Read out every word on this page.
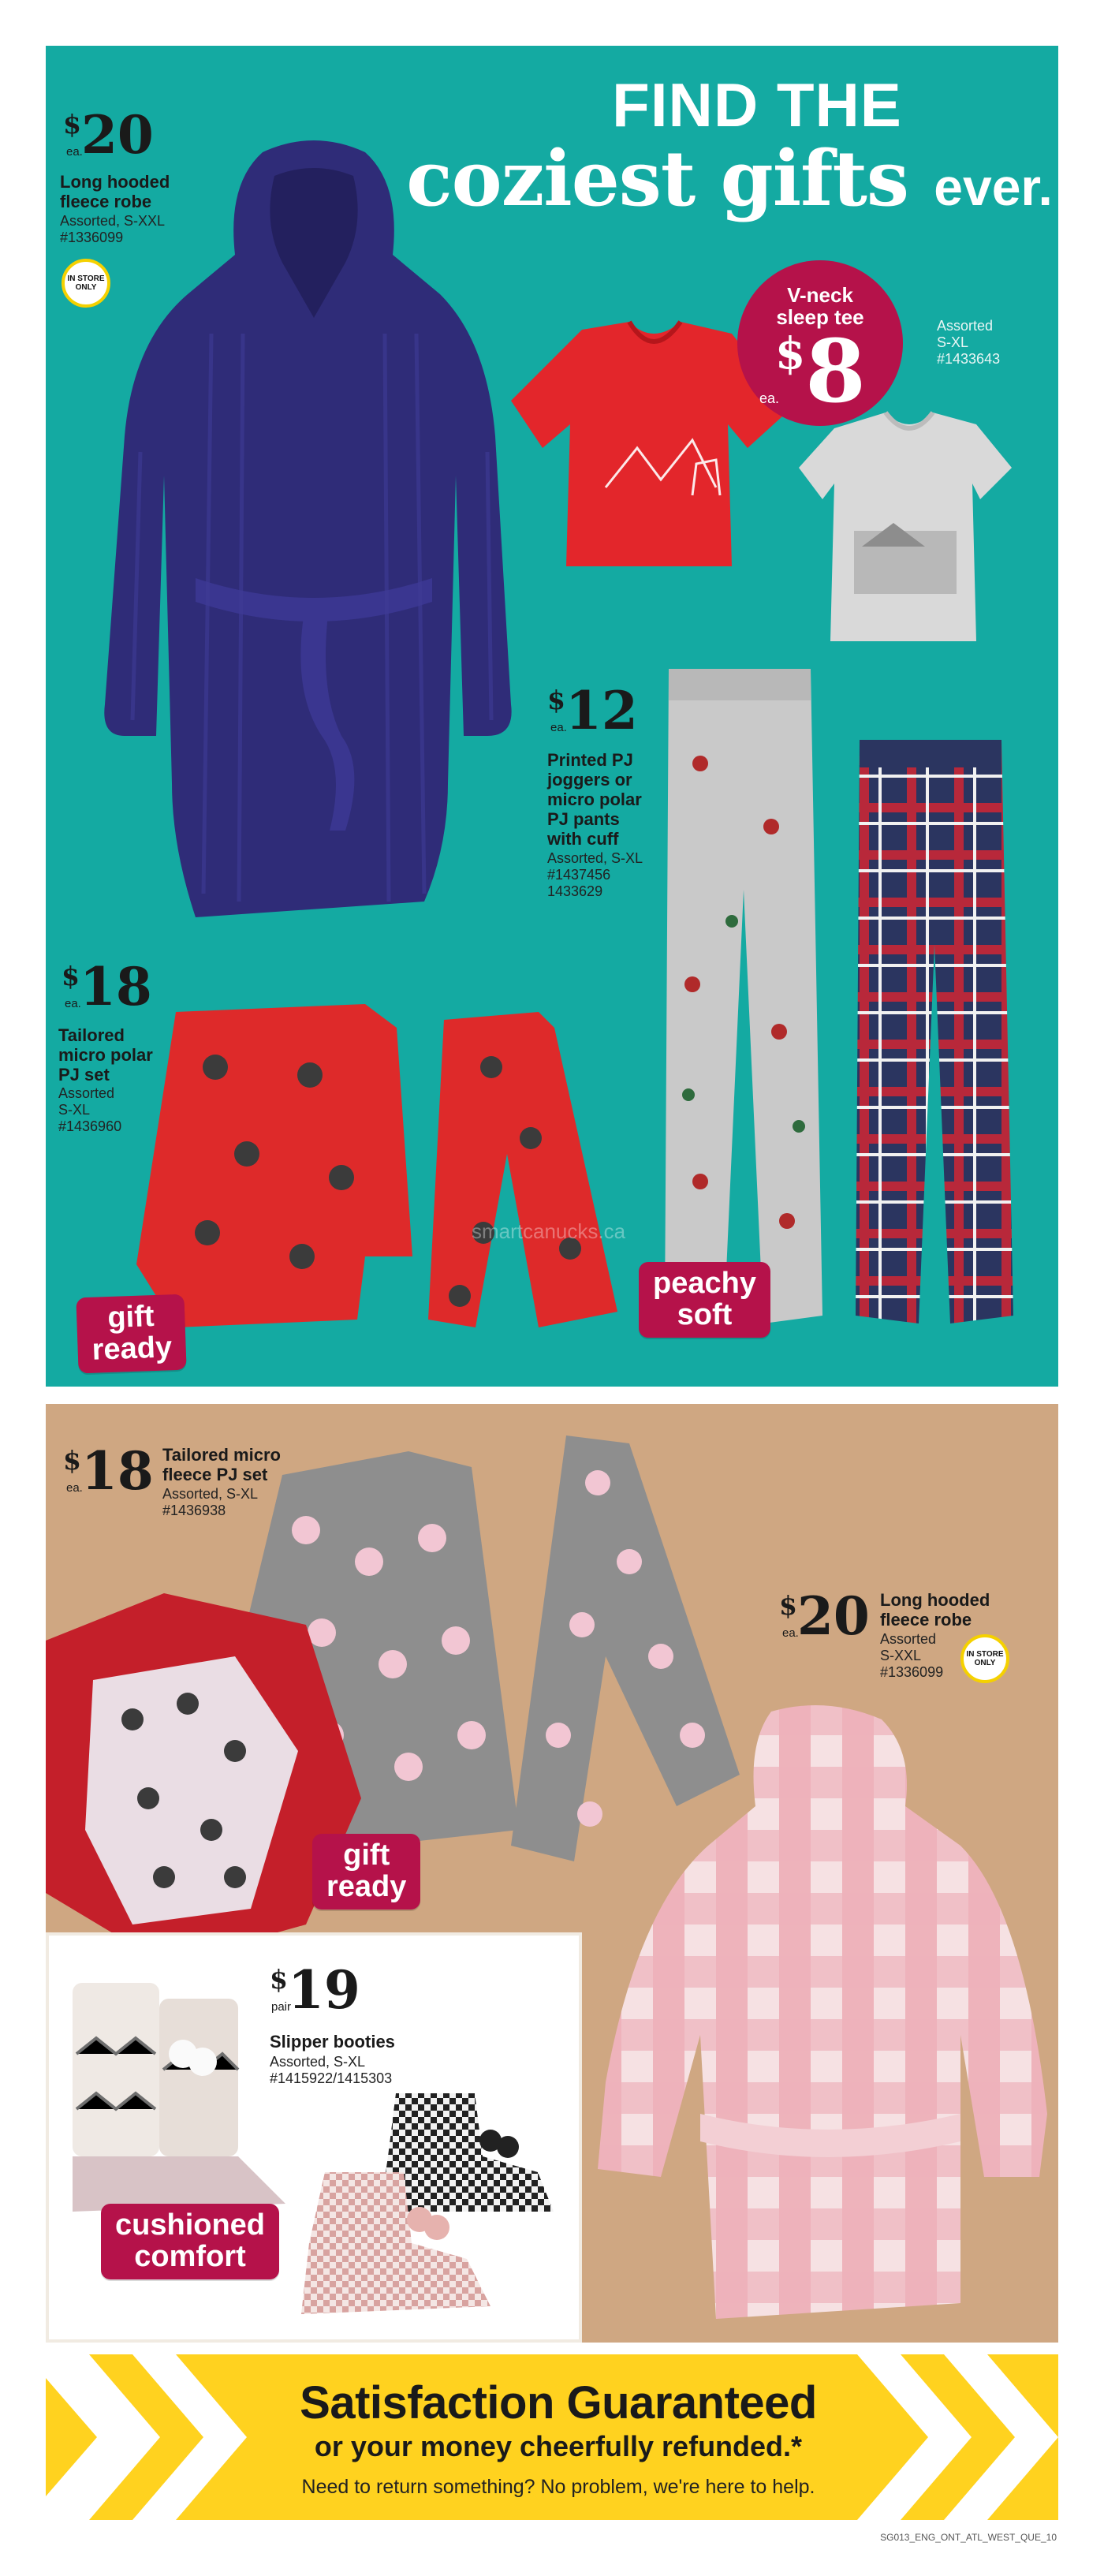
$ 20
ea.
Long hooded
fleece robe
Assorted, S-XXL
#1336099
IN STORE ONLY
FIND THE
coziest gifts ever.
V-neck
sleep tee
$ 8
ea.
Assorted
S-XL
#1433643
$ 12
ea.
Printed PJ
joggers or
micro polar
PJ pants
with cuff
Assorted, S-XL
#1437456
1433629
$ 18
ea.
Tailored
micro polar
PJ set
Assorted
S-XL
#1436960
gift
ready
peachy
soft
smartcanucks.ca
$ 18
ea.
Tailored micro
fleece PJ set
Assorted, S-XL
#1436938
gift
ready
$ 20
ea.
Long hooded
fleece robe
Assorted
S-XXL
#1336099
IN STORE ONLY
$ 19
pair
Slipper booties
Assorted, S-XL
#1415922/1415303
cushioned
comfort
Satisfaction Guaranteed
or your money cheerfully refunded.*
Need to return something? No problem, we're here to help.
SG013_ENG_ONT_ATL_WEST_QUE_10
